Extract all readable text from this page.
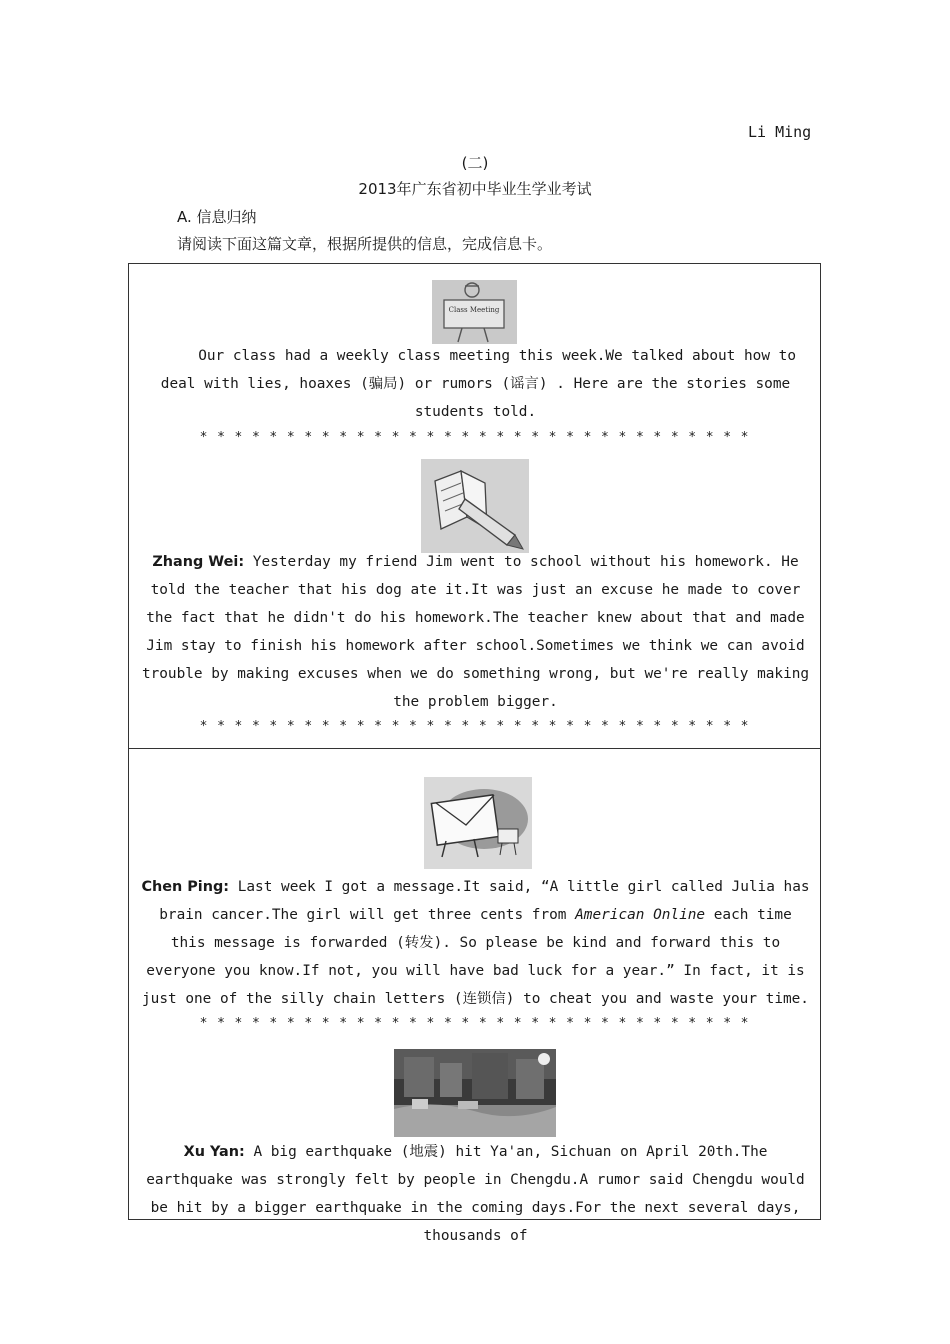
Li Ming
(二)
2013年广东省初中毕业生学业考试
A. 信息归纳
请阅读下面这篇文章，根据所提供的信息，完成信息卡。
Class Meeting

Our class had a weekly class meeting this week.We talked about how to deal with lies, hoaxes (骗局) or rumors (谣言) . Here are the stories some students told.

* * * * * * * * * * * * * * * * * * * * * * * * * * * * * * * *

Zhang Wei: Yesterday my friend Jim went to school without his homework. He told the teacher that his dog ate it.It was just an excuse he made to cover the fact that he didn't do his homework.The teacher knew about that and made Jim stay to finish his homework after school.Sometimes we think we can avoid trouble by making excuses when we do something wrong, but we're really making the problem bigger.

* * * * * * * * * * * * * * * * * * * * * * * * * * * * * * * *

Chen Ping: Last week I got a message.It said, “A little girl called Julia has brain cancer.The girl will get three cents from American Online each time this message is forwarded (转发). So please be kind and forward this to everyone you know.If not, you will have bad luck for a year.” In fact, it is just one of the silly chain letters (连锁信) to cheat you and waste your time.

* * * * * * * * * * * * * * * * * * * * * * * * * * * * * * * *

Xu Yan: A big earthquake (地震) hit Ya'an, Sichuan on April 20th.The earthquake was strongly felt by people in Chengdu.A rumor said Chengdu would be hit by a bigger earthquake in the coming days.For the next several days, thousands of
